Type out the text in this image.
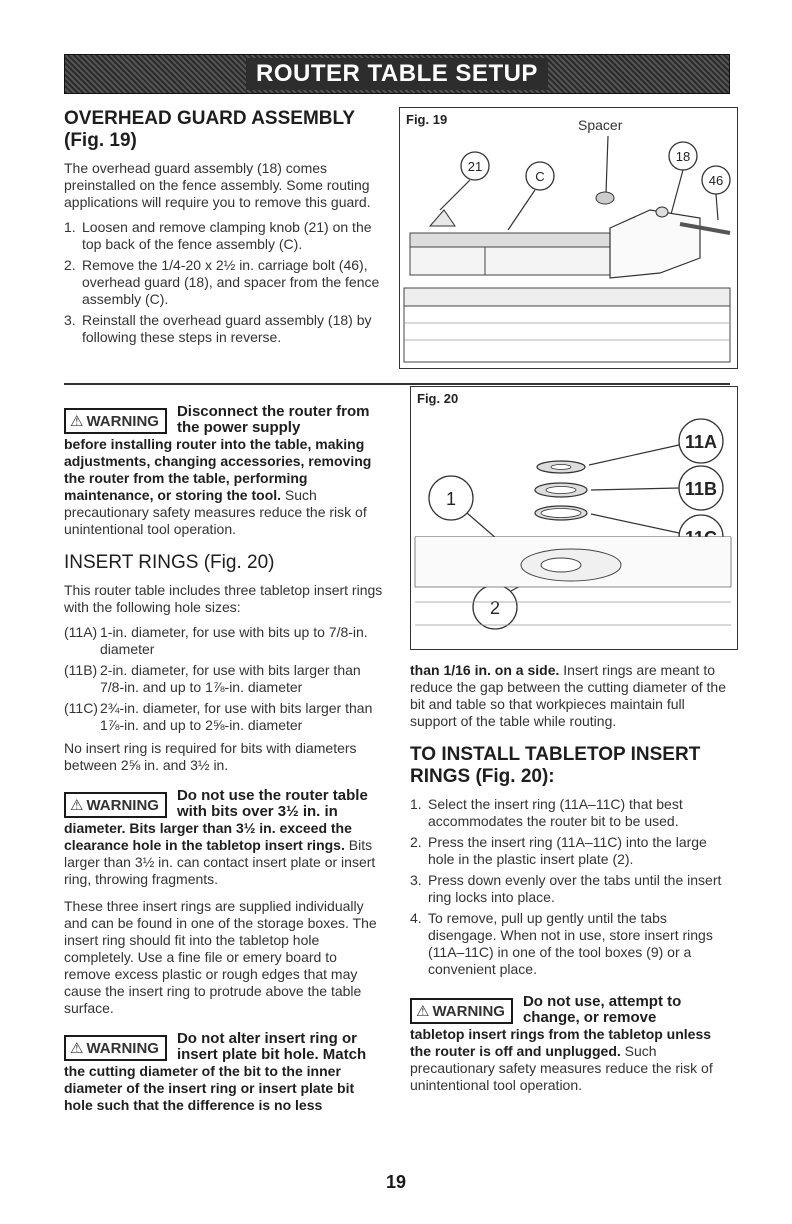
ROUTER TABLE SETUP
OVERHEAD GUARD ASSEMBLY (Fig. 19)

The overhead guard assembly (18) comes preinstalled on the fence assembly. Some routing applications will require you to remove this guard.

1. Loosen and remove clamping knob (21) on the top back of the fence assembly (C).
2. Remove the 1/4-20 x 2½ in. carriage bolt (46), overhead guard (18), and spacer from the fence assembly (C).
3. Reinstall the overhead guard assembly (18) by following these steps in reverse.
Fig. 19	Spacer
21
C
18
46
⚠ WARNING
Disconnect the router from the power supply
before installing router into the table, making adjustments, changing accessories, removing the router from the table, performing maintenance, or storing the tool. Such precautionary safety measures reduce the risk of unintentional tool operation.
INSERT RINGS (Fig. 20)

This router table includes three tabletop insert rings with the following hole sizes:

(11A) 1-in. diameter, for use with bits up to 7/8-in. diameter
(11B) 2-in. diameter, for use with bits larger than 7/8-in. and up to 1⅞-in. diameter
(11C) 2¾-in. diameter, for use with bits larger than 1⅞-in. and up to 2⅝-in. diameter

No insert ring is required for bits with diameters between 2⅝ in. and 3½ in.

⚠ WARNING
Do not use the router table with bits over 3½ in. in
diameter. Bits larger than 3½ in. exceed the clearance hole in the tabletop insert rings. Bits larger than 3½ in. can contact insert plate or insert ring, throwing fragments.

These three insert rings are supplied individually and can be found in one of the storage boxes. The insert ring should fit into the tabletop hole completely. Use a fine file or emery board to remove excess plastic or rough edges that may cause the insert ring to protrude above the table surface.

⚠ WARNING
Do not alter insert ring or insert plate bit hole. Match
the cutting diameter of the bit to the inner diameter of the insert ring or insert plate bit hole such that the difference is no less
Fig. 20
11A
11B
1
2

than 1/16 in. on a side. Insert rings are meant to reduce the gap between the cutting diameter of the bit and table so that workpieces maintain full support of the table while routing.

TO INSTALL TABLETOP INSERT RINGS (Fig. 20):
1. Select the insert ring (11A–11C) that best accommodates the router bit to be used.
2. Press the insert ring (11A–11C) into the large hole in the plastic insert plate (2).
3. Press down evenly over the tabs until the insert ring locks into place.
4. To remove, pull up gently until the tabs disengage. When not in use, store insert rings (11A–11C) in one of the tool boxes (9) or a convenient place.
⚠ WARNING
Do not use, attempt to change, or remove
tabletop insert rings from the tabletop unless the router is off and unplugged. Such precautionary safety measures reduce the risk of unintentional tool operation.
19
